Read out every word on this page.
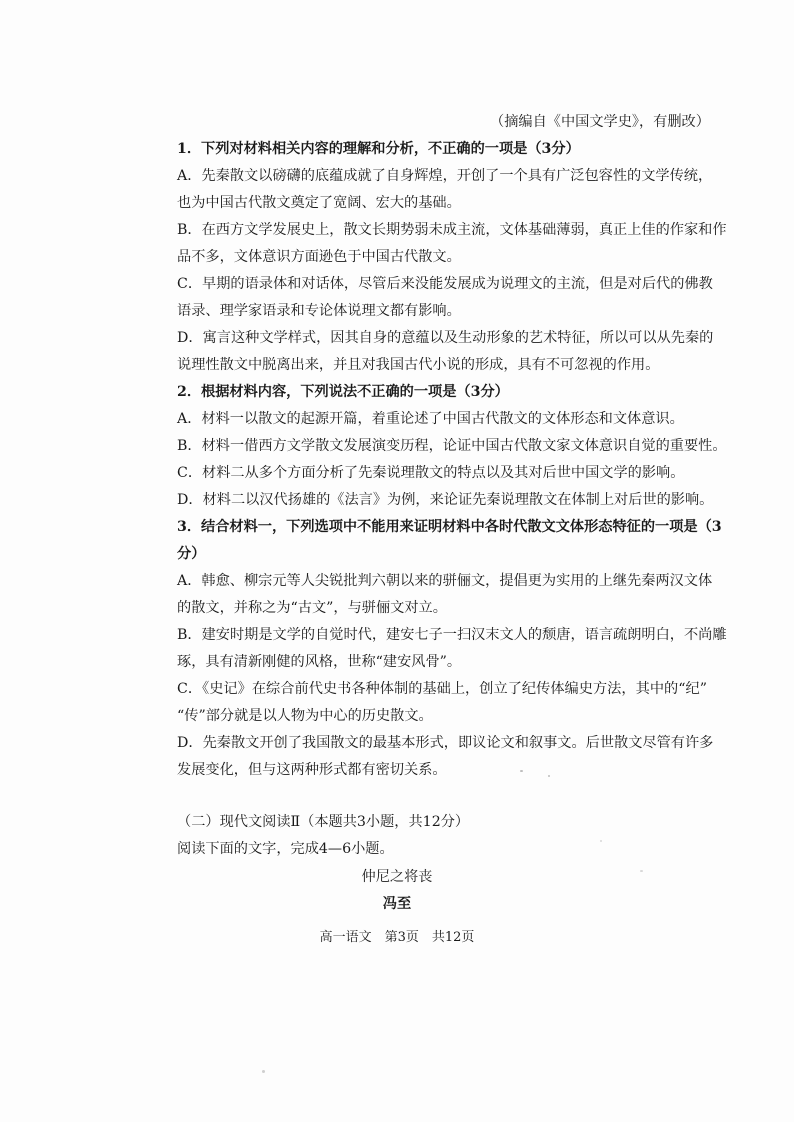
（摘编自《中国文学史》，有删改）
1．下列对材料相关内容的理解和分析，不正确的一项是（3分）
A．先秦散文以磅礴的底蕴成就了自身辉煌，开创了一个具有广泛包容性的文学传统，
也为中国古代散文奠定了宽阔、宏大的基础。
B．在西方文学发展史上，散文长期势弱未成主流，文体基础薄弱，真正上佳的作家和作
品不多，文体意识方面逊色于中国古代散文。
C．早期的语录体和对话体，尽管后来没能发展成为说理文的主流，但是对后代的佛教
语录、理学家语录和专论体说理文都有影响。
D．寓言这种文学样式，因其自身的意蕴以及生动形象的艺术特征，所以可以从先秦的
说理性散文中脱离出来，并且对我国古代小说的形成，具有不可忽视的作用。
2．根据材料内容，下列说法不正确的一项是（3分）
A．材料一以散文的起源开篇，着重论述了中国古代散文的文体形态和文体意识。
B．材料一借西方文学散文发展演变历程，论证中国古代散文家文体意识自觉的重要性。
C．材料二从多个方面分析了先秦说理散文的特点以及其对后世中国文学的影响。
D．材料二以汉代扬雄的《法言》为例，来论证先秦说理散文在体制上对后世的影响。
3．结合材料一，下列选项中不能用来证明材料中各时代散文文体形态特征的一项是（3
分）
A．韩愈、柳宗元等人尖锐批判六朝以来的骈俪文，提倡更为实用的上继先秦两汉文体
的散文，并称之为“古文”，与骈俪文对立。
B．建安时期是文学的自觉时代，建安七子一扫汉末文人的颓唐，语言疏朗明白，不尚雕
琢，具有清新刚健的风格，世称“建安风骨”。
C．《史记》在综合前代史书各种体制的基础上，创立了纪传体编史方法，其中的“纪”
“传”部分就是以人物为中心的历史散文。
D．先秦散文开创了我国散文的最基本形式，即议论文和叙事文。后世散文尽管有许多
发展变化，但与这两种形式都有密切关系。
（二）现代文阅读Ⅱ（本题共3小题，共12分）
阅读下面的文字，完成4—6小题。
仲尼之将丧
冯至
高一语文　第3页　共12页
